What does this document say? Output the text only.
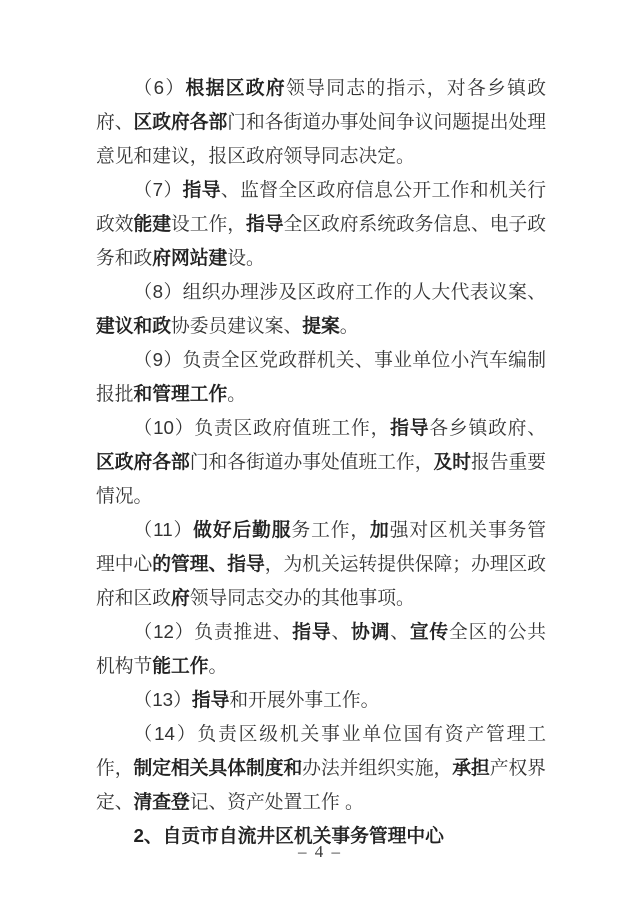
（6）根据区政府领导同志的指示，对各乡镇政府、区政府各部门和各街道办事处间争议问题提出处理意见和建议，报区政府领导同志决定。

（7）指导、监督全区政府信息公开工作和机关行政效能建设工作，指导全区政府系统政务信息、电子政务和政府网站建设。

（8）组织办理涉及区政府工作的人大代表议案、建议和政协委员建议案、提案。

（9）负责全区党政群机关、事业单位小汽车编制报批和管理工作。

（10）负责区政府值班工作，指导各乡镇政府、区政府各部门和各街道办事处值班工作，及时报告重要情况。

（11）做好后勤服务工作，加强对区机关事务管理中心的管理、指导，为机关运转提供保障；办理区政府和区政府领导同志交办的其他事项。

（12）负责推进、指导、协调、宣传全区的公共机构节能工作。

（13）指导和开展外事工作。

（14）负责区级机关事业单位国有资产管理工作，制定相关具体制度和办法并组织实施，承担产权界定、清查登记、资产处置工作 。

2、自贡市自流井区机关事务管理中心

– 4 –
